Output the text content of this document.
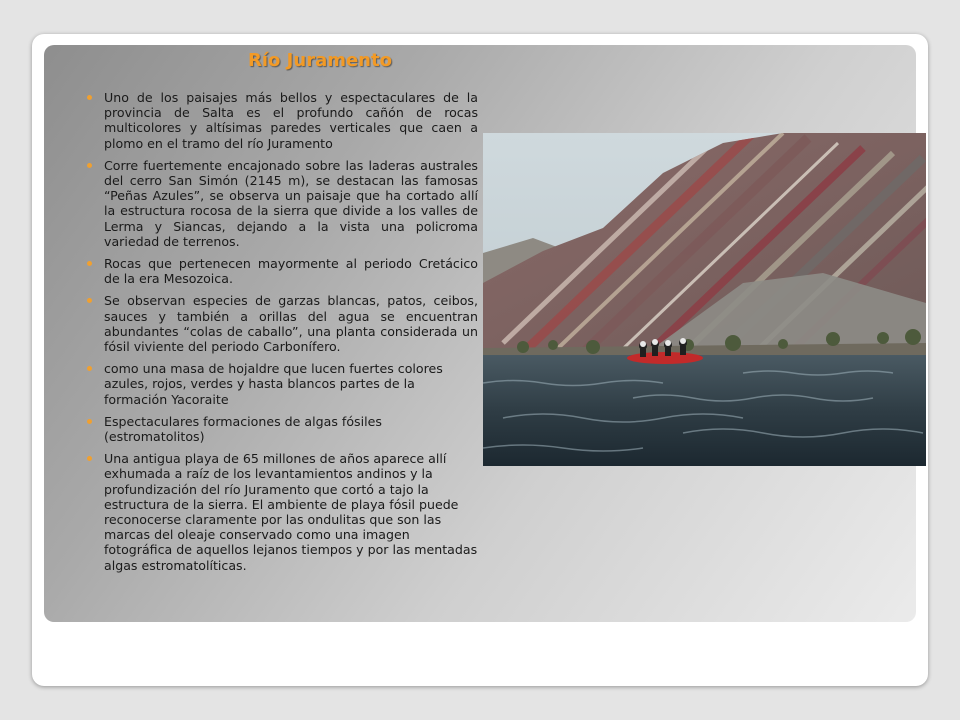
Río Juramento
Uno de los paisajes más bellos y espectaculares de la provincia de Salta es el profundo cañón de rocas multicolores y altísimas paredes verticales que caen a plomo en el tramo del río Juramento
Corre fuertemente encajonado sobre las laderas australes del cerro San Simón (2145 m), se destacan las famosas “Peñas Azules”, se observa un paisaje que ha cortado allí la estructura rocosa de la sierra que divide a los valles de Lerma y Siancas, dejando a la vista una policroma variedad de terrenos.
Rocas que pertenecen mayormente al periodo Cretácico de la era Mesozoica.
Se observan especies de garzas blancas, patos, ceibos, sauces y también a orillas del agua se encuentran abundantes “colas de caballo”, una planta considerada un fósil viviente del periodo Carbonífero.
como una masa de hojaldre que lucen fuertes colores azules, rojos, verdes y hasta blancos partes de la formación Yacoraite
Espectaculares formaciones de algas fósiles (estromatolitos)
Una antigua playa de 65 millones de años aparece allí exhumada a raíz de los levantamientos andinos y la profundización del río Juramento que cortó a tajo la estructura de la sierra. El ambiente de playa fósil puede reconocerse claramente por las ondulitas que son las marcas del oleaje conservado como una imagen fotográfica de aquellos lejanos tiempos y por las mentadas algas estromatolíticas.
